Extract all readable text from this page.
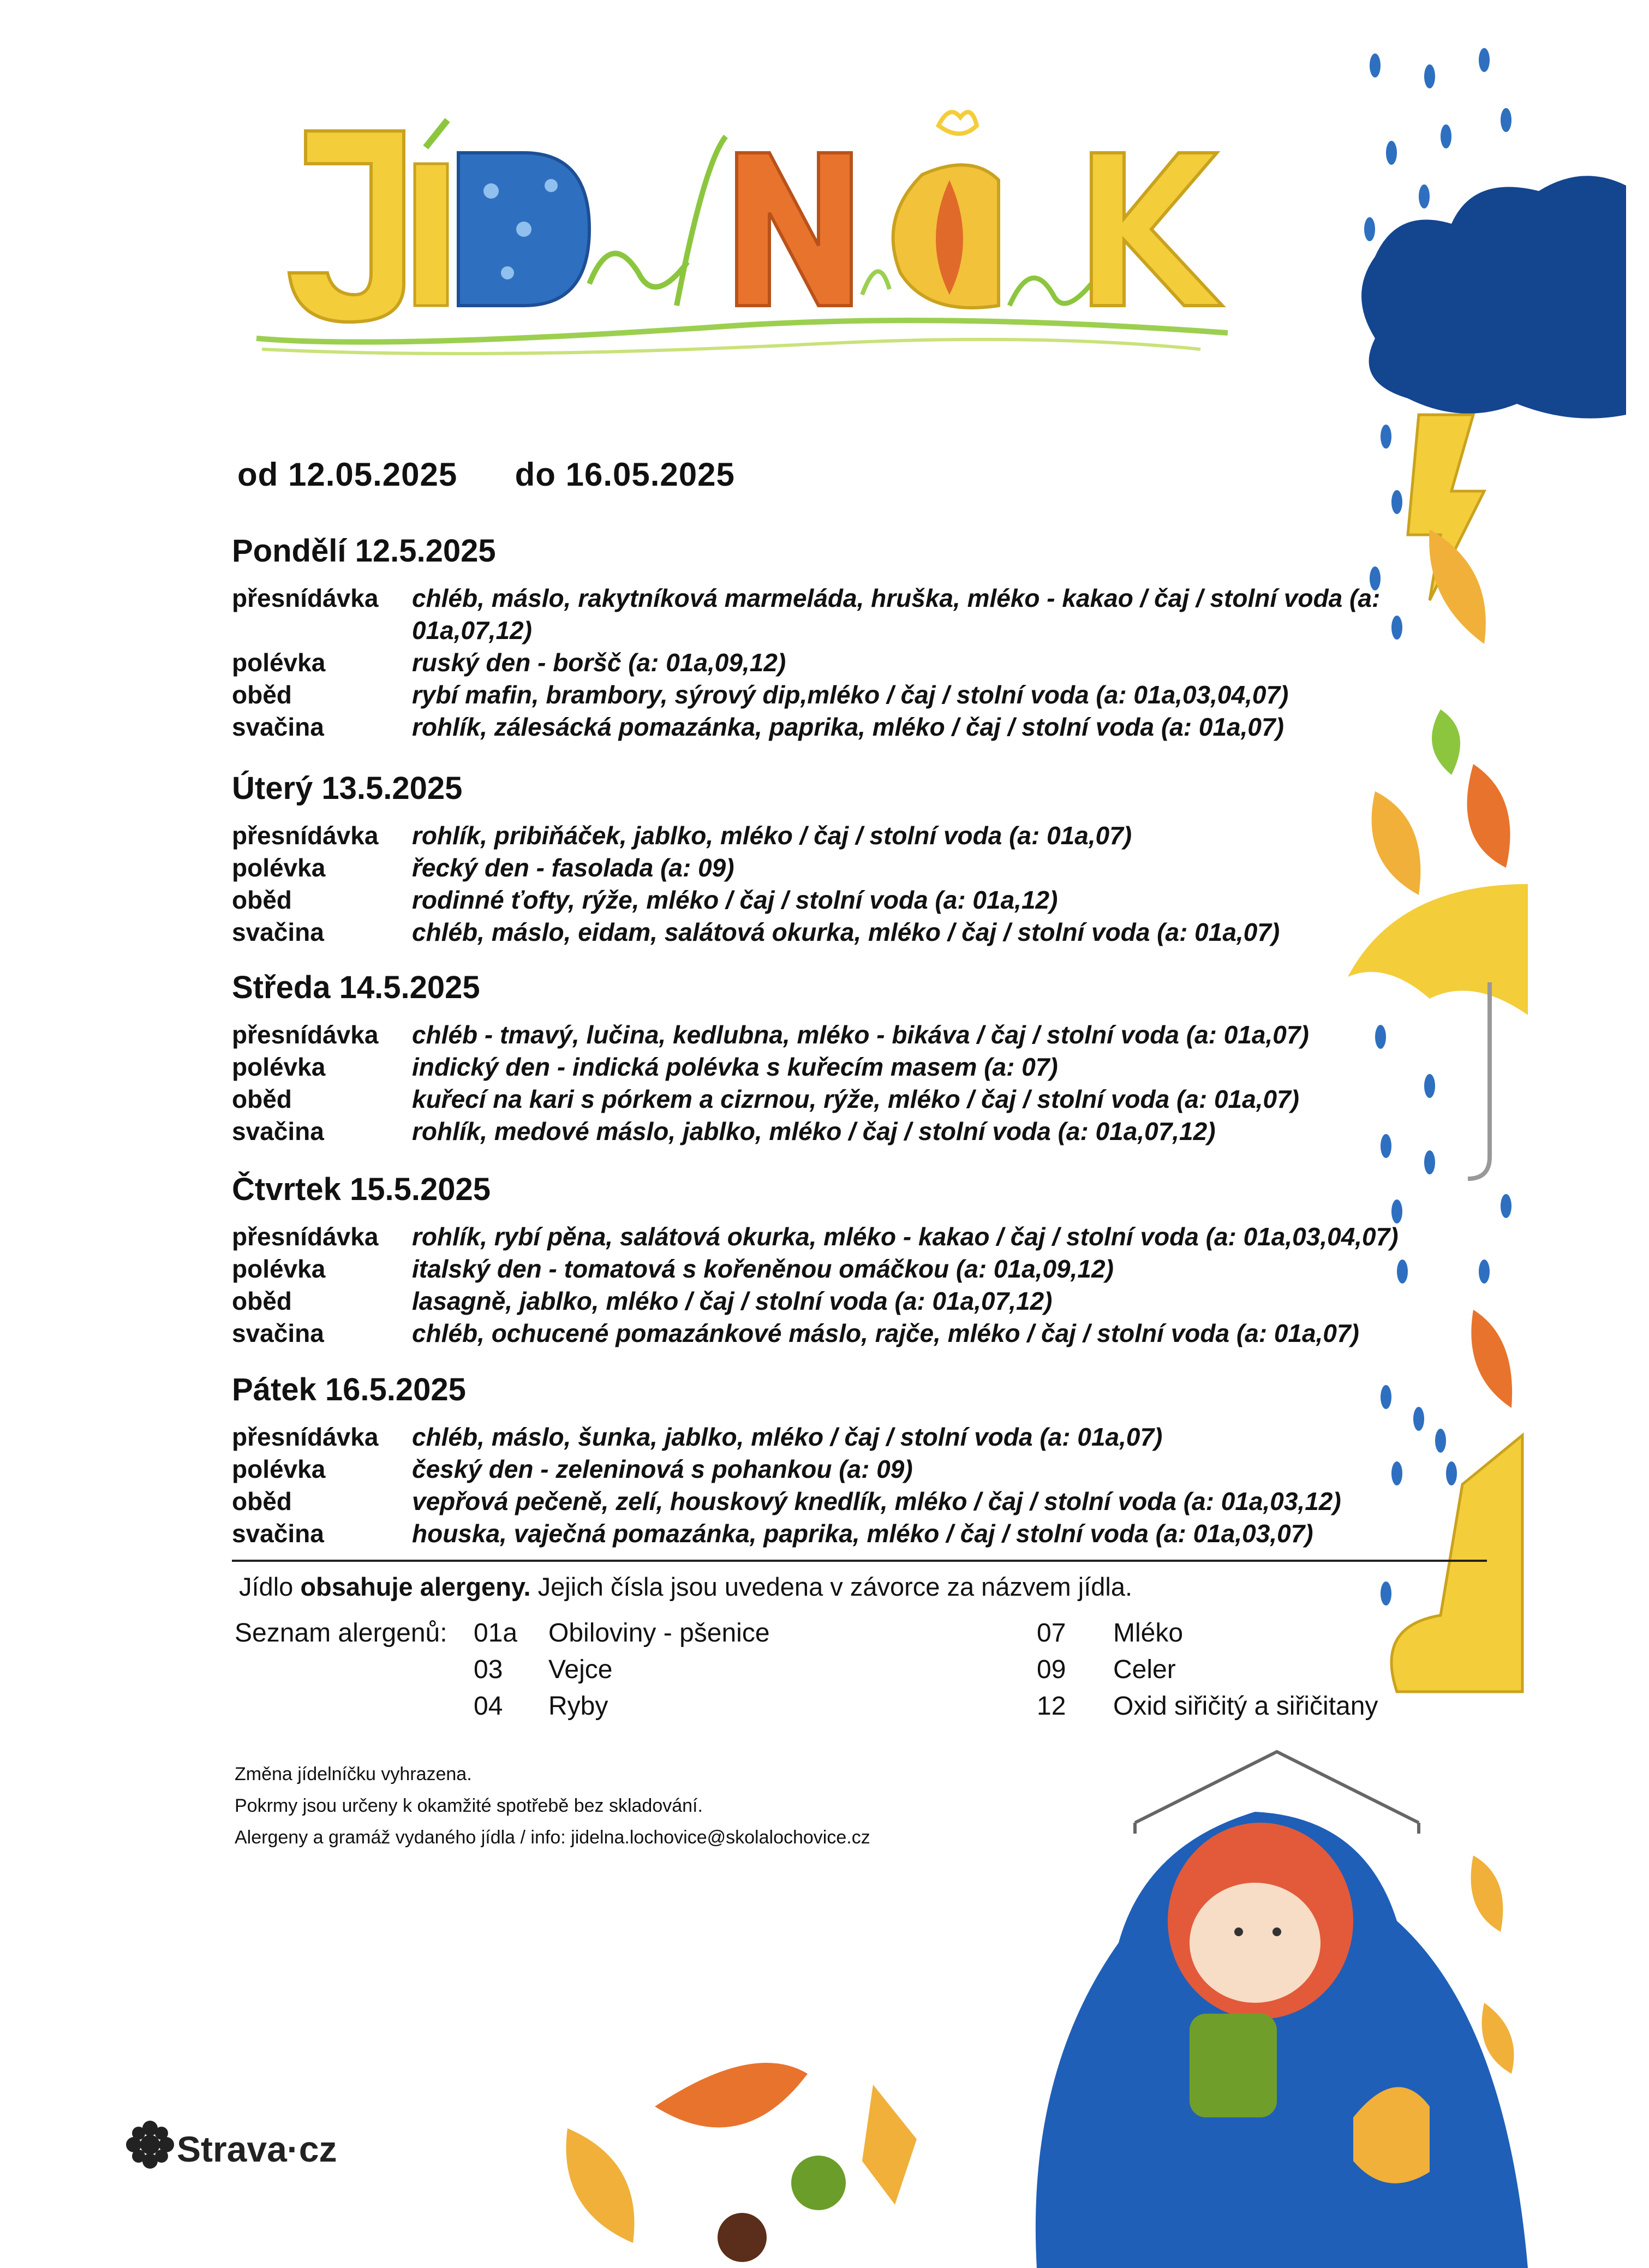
od 12.05.2025 do 16.05.2025
Pondělí 12.5.2025
přesnídávka	chléb, máslo, rakytníková marmeláda, hruška, mléko - kakao / čaj / stolní voda (a: 01a,07,12)
polévka	ruský den - boršč (a: 01a,09,12)
oběd	rybí mafin, brambory, sýrový dip,mléko / čaj / stolní voda (a: 01a,03,04,07)
svačina	rohlík, zálesácká pomazánka, paprika, mléko / čaj / stolní voda (a: 01a,07)
Úterý 13.5.2025
přesnídávka	rohlík, pribiňáček, jablko, mléko / čaj / stolní voda (a: 01a,07)
polévka	řecký den - fasolada (a: 09)
oběd	rodinné ťofty, rýže, mléko / čaj / stolní voda (a: 01a,12)
svačina	chléb, máslo, eidam, salátová okurka, mléko / čaj / stolní voda (a: 01a,07)
Středa 14.5.2025
přesnídávka	chléb - tmavý, lučina, kedlubna, mléko - bikáva / čaj / stolní voda (a: 01a,07)
polévka	indický den - indická polévka s kuřecím masem (a: 07)
oběd	kuřecí na kari s pórkem a cizrnou, rýže, mléko / čaj / stolní voda (a: 01a,07)
svačina	rohlík, medové máslo, jablko, mléko / čaj / stolní voda (a: 01a,07,12)
Čtvrtek 15.5.2025
přesnídávka	rohlík, rybí pěna, salátová okurka, mléko - kakao / čaj / stolní voda (a: 01a,03,04,07)
polévka	italský den - tomatová s kořeněnou omáčkou (a: 01a,09,12)
oběd	lasagně, jablko, mléko / čaj / stolní voda (a: 01a,07,12)
svačina	chléb, ochucené pomazánkové máslo, rajče, mléko / čaj / stolní voda (a: 01a,07)
Pátek 16.5.2025
přesnídávka	chléb, máslo, šunka, jablko, mléko / čaj / stolní voda (a: 01a,07)
polévka	český den - zeleninová s pohankou (a: 09)
oběd	vepřová pečeně, zelí, houskový knedlík, mléko / čaj / stolní voda (a: 01a,03,12)
svačina	houska, vaječná pomazánka, paprika, mléko / čaj / stolní voda (a: 01a,03,07)
Jídlo obsahuje alergeny. Jejich čísla jsou uvedena v závorce za názvem jídla.
Seznam alergenů: 01a Obiloviny - pšenice
03 Vejce
04 Ryby
07 Mléko
09 Celer
12 Oxid siřičitý a siřičitany
Změna jídelníčku vyhrazena.
Pokrmy jsou určeny k okamžité spotřebě bez skladování.
Alergeny a gramáž vydaného jídla / info: jidelna.lochovice@skolalochovice.cz
Strava·cz
